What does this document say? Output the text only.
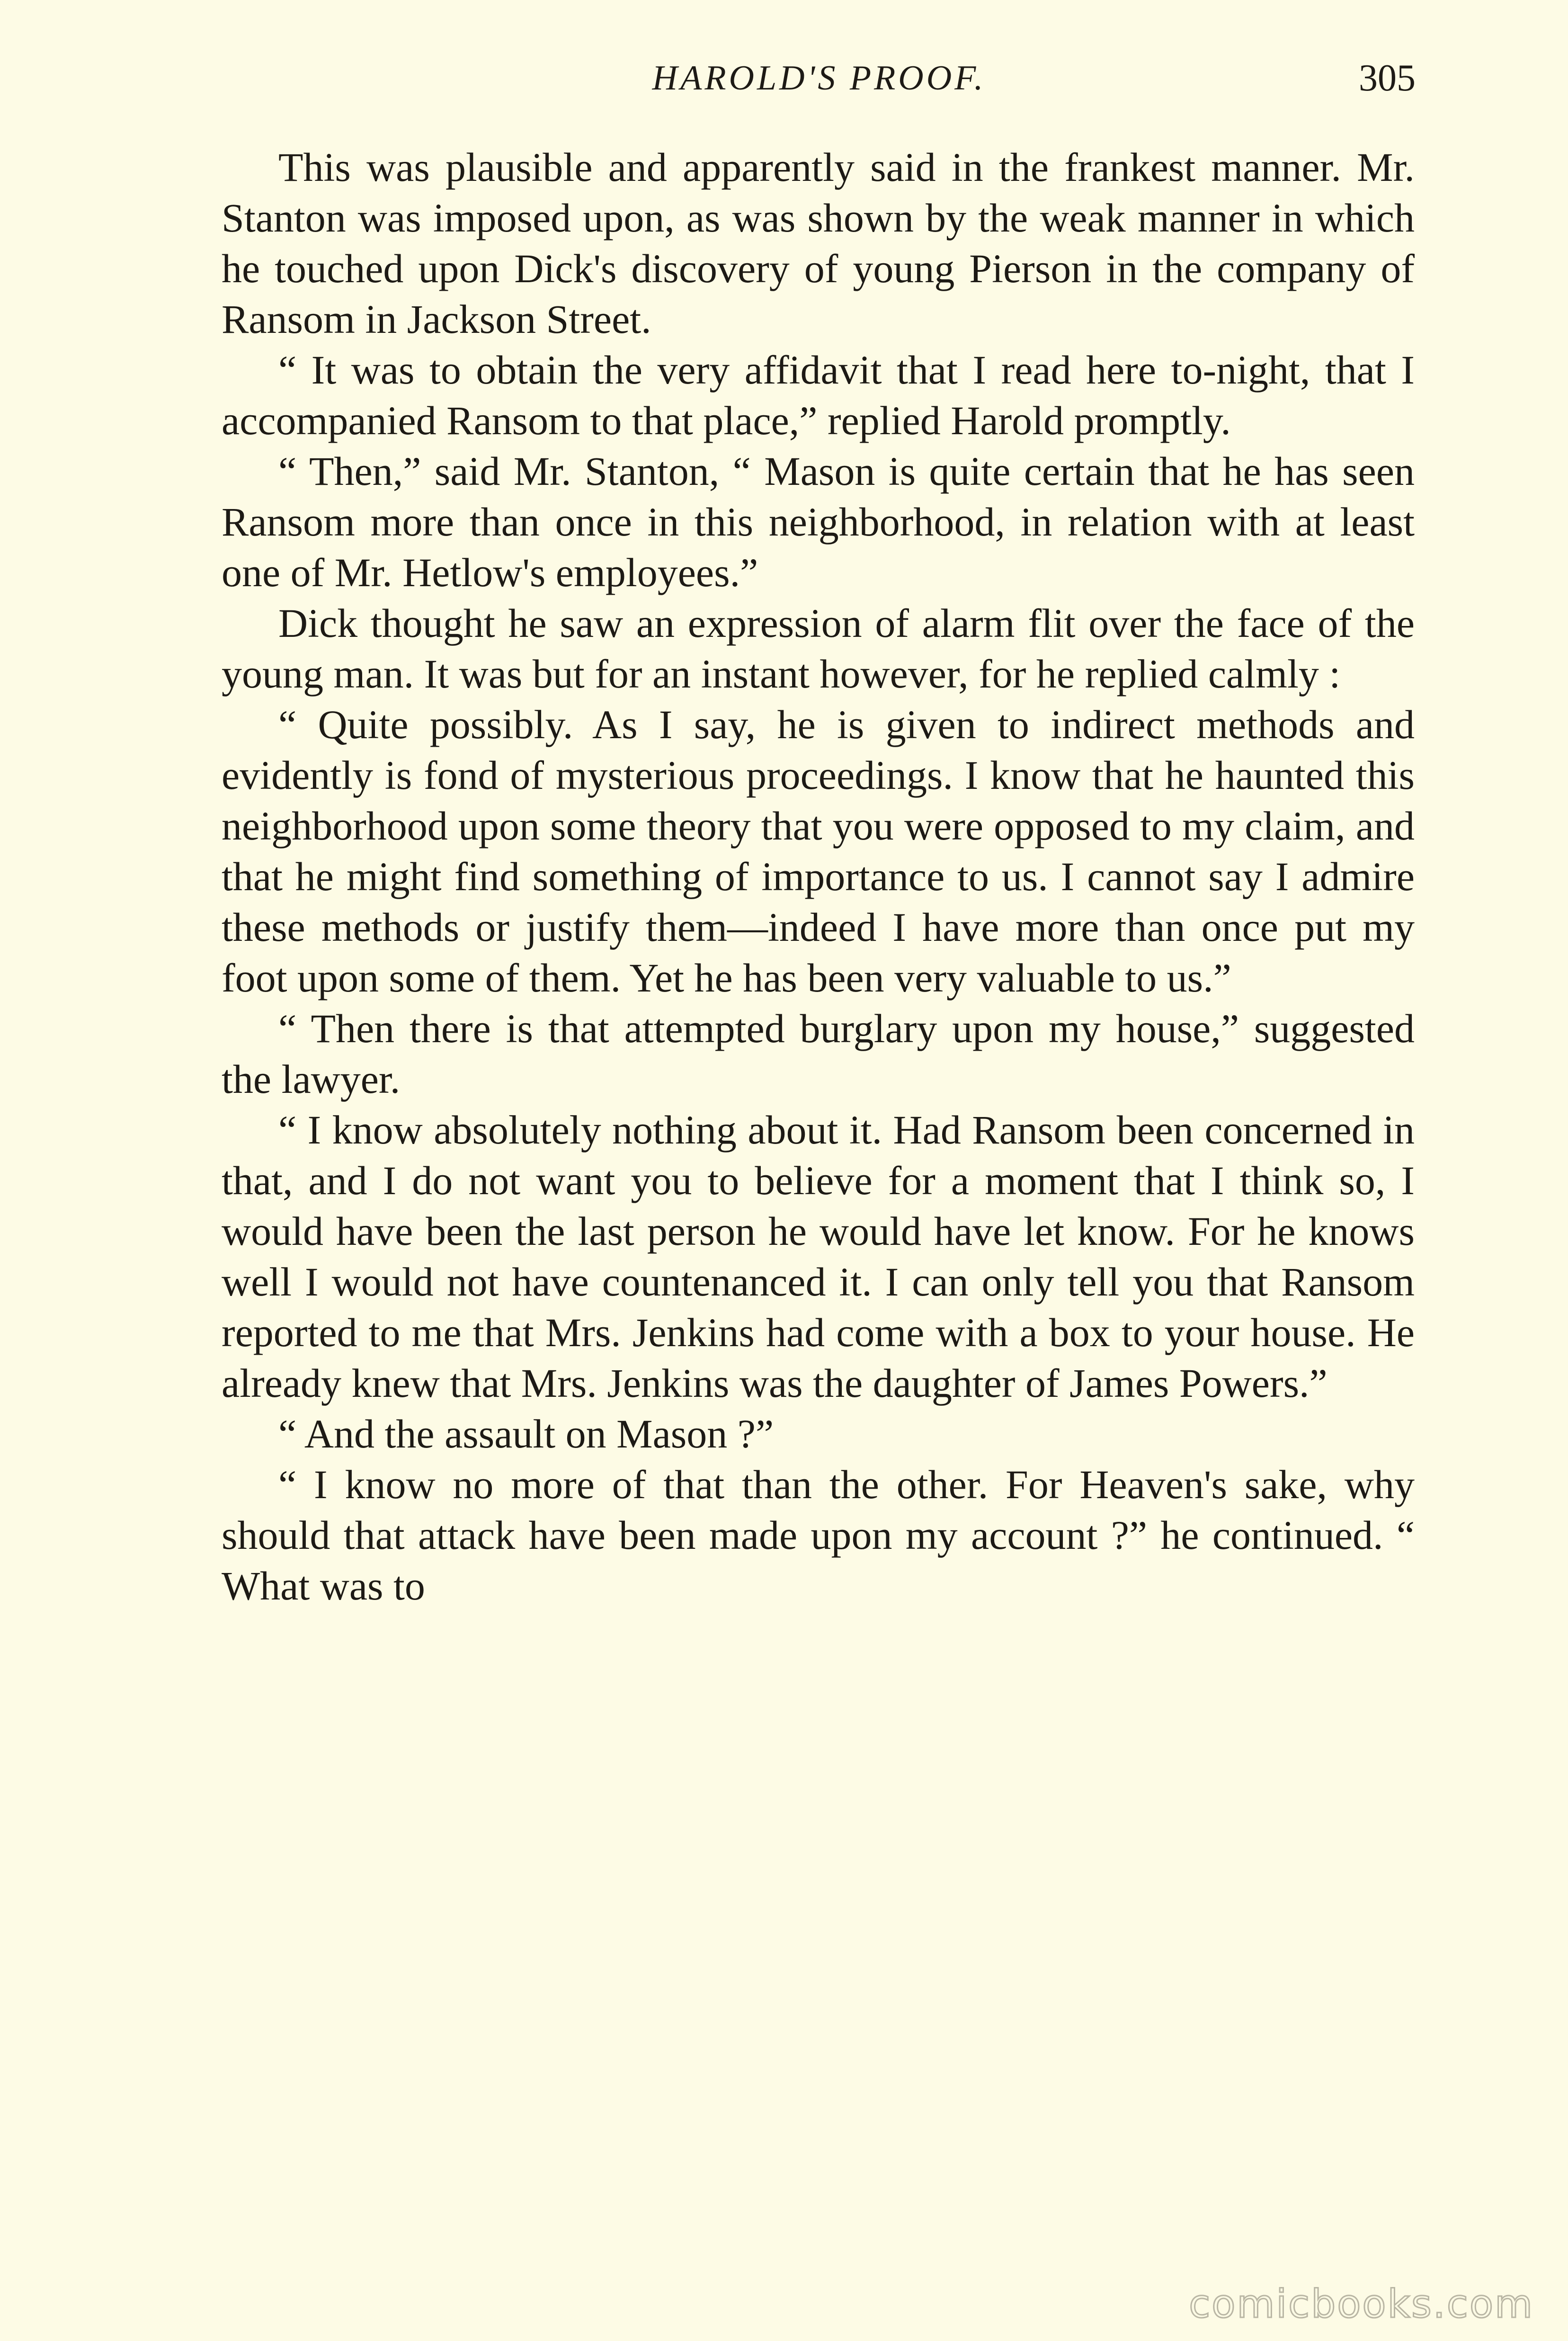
HAROLD'S PROOF.	305

This was plausible and apparently said in the frankest manner. Mr. Stanton was imposed upon, as was shown by the weak manner in which he touched upon Dick's discovery of young Pierson in the company of Ransom in Jackson Street.

“ It was to obtain the very affidavit that I read here to-night, that I accompanied Ransom to that place,” replied Harold promptly.

“ Then,” said Mr. Stanton, “ Mason is quite certain that he has seen Ransom more than once in this neighborhood, in relation with at least one of Mr. Hetlow's employees.”

Dick thought he saw an expression of alarm flit over the face of the young man. It was but for an instant however, for he replied calmly :

“ Quite possibly. As I say, he is given to indirect methods and evidently is fond of mysterious proceedings. I know that he haunted this neighborhood upon some theory that you were opposed to my claim, and that he might find something of importance to us. I cannot say I admire these methods or justify them—indeed I have more than once put my foot upon some of them. Yet he has been very valuable to us.”

“ Then there is that attempted burglary upon my house,” suggested the lawyer.

“ I know absolutely nothing about it. Had Ransom been concerned in that, and I do not want you to believe for a moment that I think so, I would have been the last person he would have let know. For he knows well I would not have countenanced it. I can only tell you that Ransom reported to me that Mrs. Jenkins had come with a box to your house. He already knew that Mrs. Jenkins was the daughter of James Powers.”

“ And the assault on Mason ?”

“ I know no more of that than the other. For Heaven's sake, why should that attack have been made upon my account ?” he continued. “ What was to

comicbooks.com
